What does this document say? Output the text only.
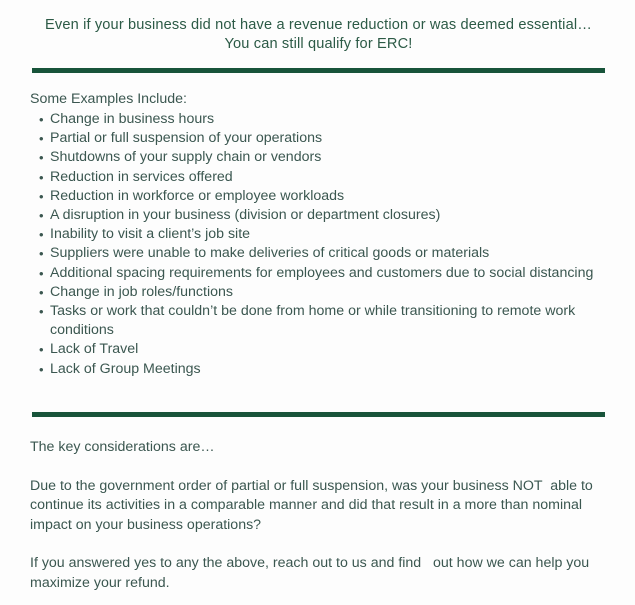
Even if your business did not have a revenue reduction or was deemed essential…
You can still qualify for ERC!
Some Examples Include:
• Change in business hours
• Partial or full suspension of your operations
• Shutdowns of your supply chain or vendors
• Reduction in services offered
• Reduction in workforce or employee workloads
• A disruption in your business (division or department closures)
• Inability to visit a client’s job site
• Suppliers were unable to make deliveries of critical goods or materials
• Additional spacing requirements for employees and customers due to social distancing
• Change in job roles/functions
• Tasks or work that couldn’t be done from home or while transitioning to remote work conditions
• Lack of Travel
• Lack of Group Meetings

The key considerations are…

Due to the government order of partial or full suspension, was your business NOT  able to continue its activities in a comparable manner and did that result in a more than nominal impact on your business operations?

If you answered yes to any the above, reach out to us and find   out how we can help you maximize your refund.
